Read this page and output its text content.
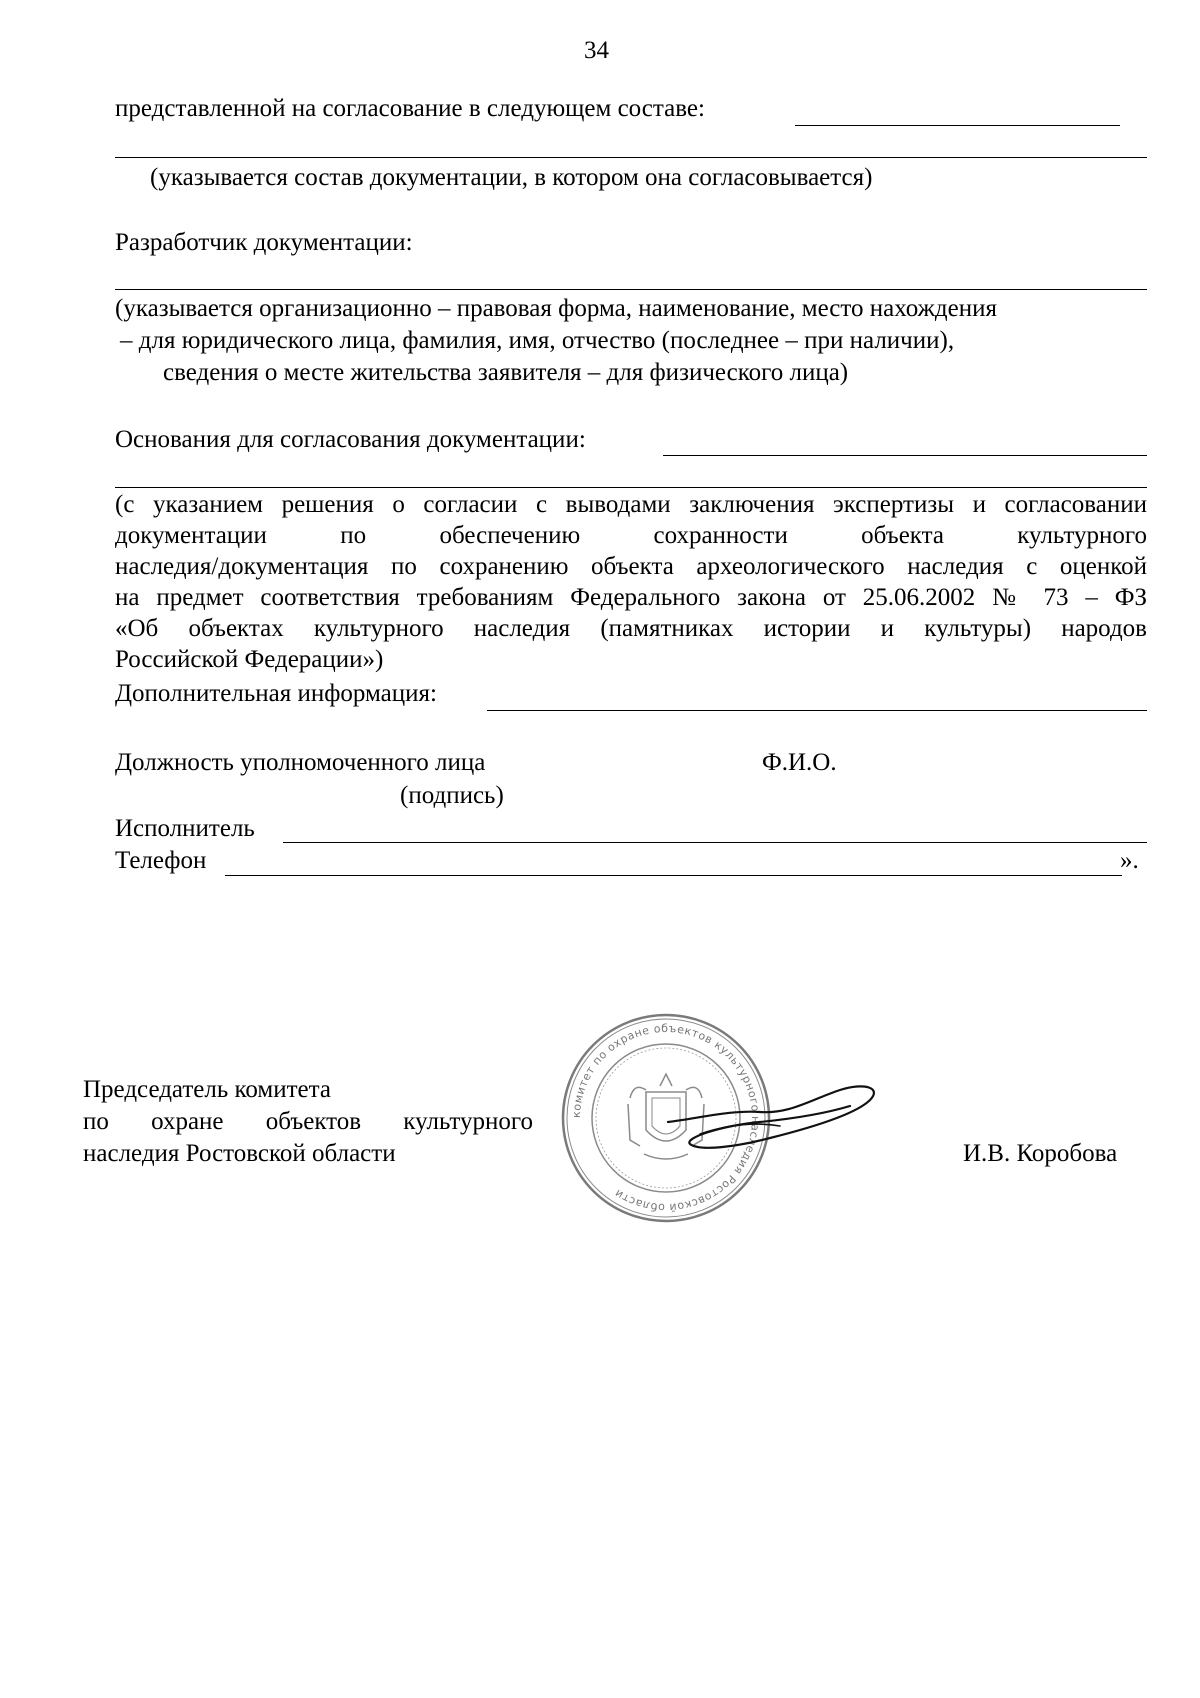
34
представленной на согласование в следующем составе:
(указывается состав документации, в котором она согласовывается)
Разработчик документации:
(указывается организационно – правовая форма, наименование, место нахождения
– для юридического лица, фамилия, имя, отчество (последнее – при наличии),
сведения о месте жительства заявителя – для физического лица)
Основания для согласования документации:
(с указанием решения о согласии с выводами заключения экспертизы и согласовании
документации по обеспечению сохранности объекта культурного
наследия/документация по сохранению объекта археологического наследия с оценкой
на предмет соответствия требованиям Федерального закона от 25.06.2002 № 73 – ФЗ
«Об объектах культурного наследия (памятниках истории и культуры) народов
Российской Федерации»)
Дополнительная информация:
Должность уполномоченного лица	Ф.И.О.
(подпись)
Исполнитель
Телефон	».
Председатель комитета
по охране объектов культурного
наследия Ростовской области	И.В. Коробова
комитет по охране объектов культурного наследия Ростовской области
